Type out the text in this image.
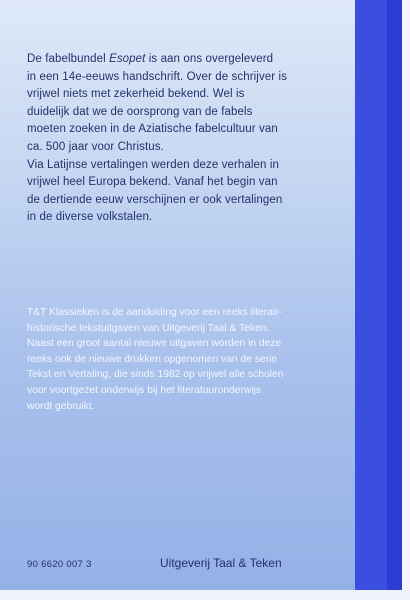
De fabelbundel Esopet is aan ons overgeleverd

in een 14e-eeuws handschrift. Over de schrijver is

vrijwel niets met zekerheid bekend. Wel is

duidelijk dat we de oorsprong van de fabels

moeten zoeken in de Aziatische fabelcultuur van

ca. 500 jaar voor Christus.

Via Latijnse vertalingen werden deze verhalen in

vrijwel heel Europa bekend. Vanaf het begin van

de dertiende eeuw verschijnen er ook vertalingen

in de diverse volkstalen.

T&T Klassieken is de aanduiding voor een reeks literair-

historische tekstuitgaven van Uitgeverij Taal & Teken.

Naast een groot aantal nieuwe uitgaven worden in deze

reeks ook de nieuwe drukken opgenomen van de serie

Tekst en Vertaling, die sinds 1982 op vrijwel alle scholen

voor voortgezet onderwijs bij het literatuuronderwijs

wordt gebruikt.

90 6620 007 3	Uitgeverij Taal & Teken
